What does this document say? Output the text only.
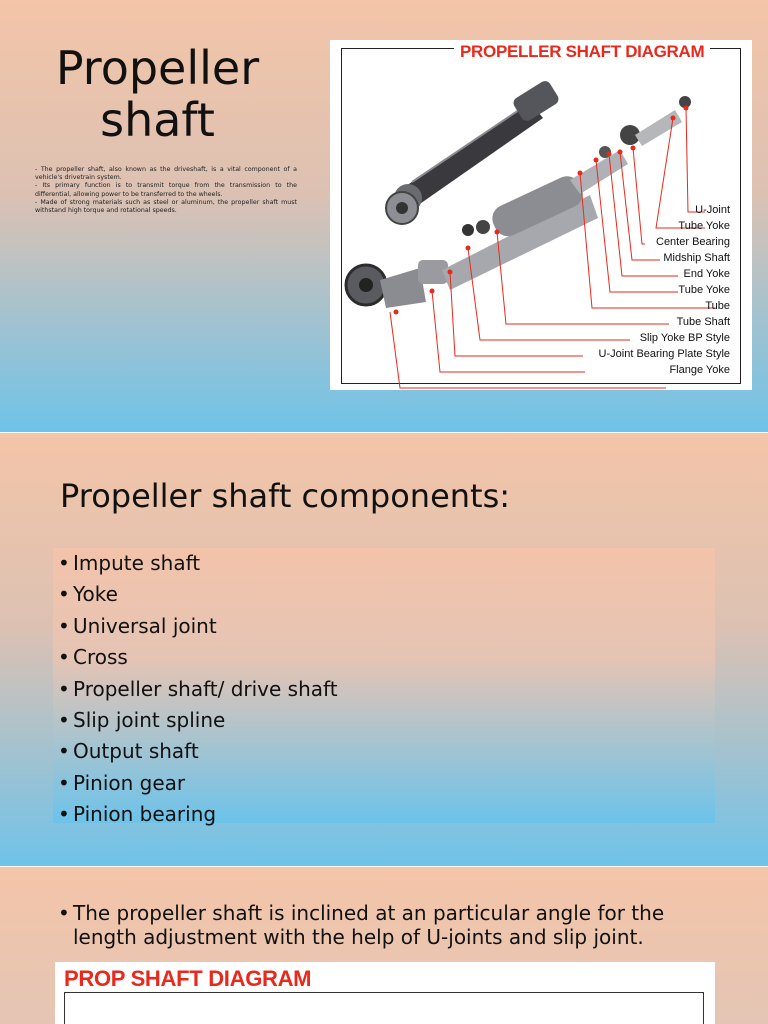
Propeller shaft

- The propeller shaft, also known as the driveshaft, is a vital component of a vehicle's drivetrain system.

- Its primary function is to transmit torque from the transmission to the differential, allowing power to be transferred to the wheels.

- Made of strong materials such as steel or aluminum, the propeller shaft must withstand high torque and rotational speeds.

PROPELLER SHAFT DIAGRAM
U-Joint
Tube Yoke
Center Bearing
Midship Shaft
End Yoke
Tube Yoke
Tube
Tube Shaft
Slip Yoke BP Style
U-Joint Bearing Plate Style
Flange Yoke
Propeller shaft components:
• Impute shaft
• Yoke
• Universal joint
• Cross
• Propeller shaft/ drive shaft
• Slip joint spline
• Output shaft
• Pinion gear
• Pinion bearing
• The propeller shaft is inclined at an particular angle for the length adjustment with the help of U-joints and slip joint.
PROP SHAFT DIAGRAM
